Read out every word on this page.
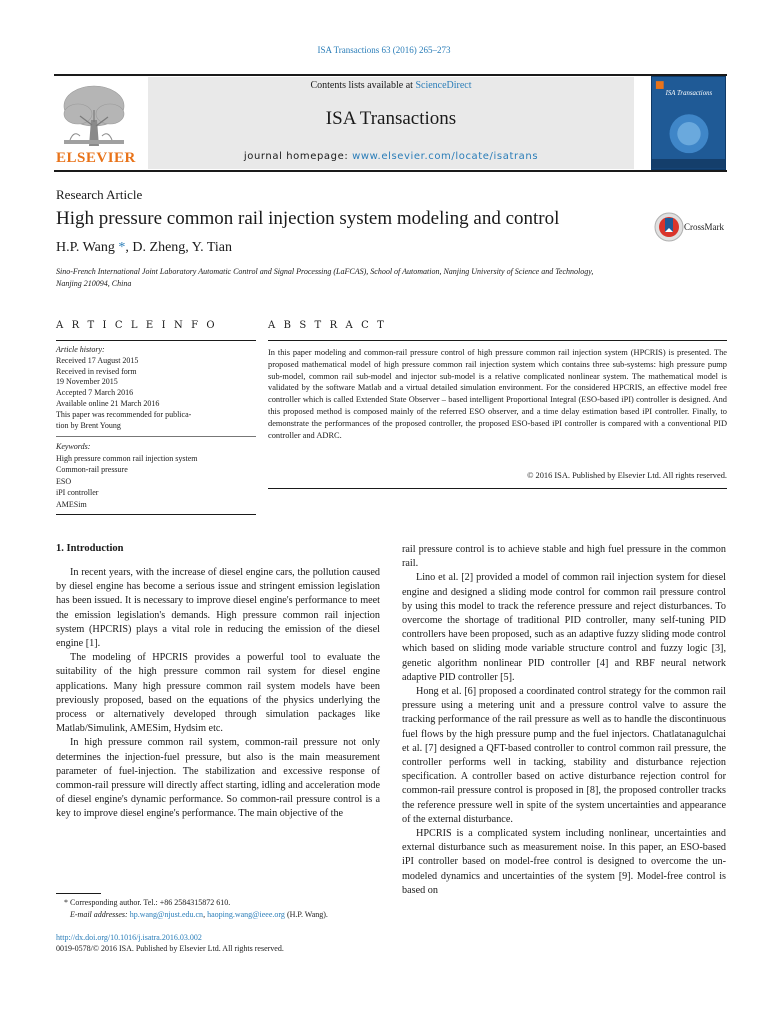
ISA Transactions 63 (2016) 265–273
Contents lists available at ScienceDirect
ISA Transactions
journal homepage: www.elsevier.com/locate/isatrans
ELSEVIER
ISA Transactions
Research Article
High pressure common rail injection system modeling and control	CrossMark
H.P. Wang *, D. Zheng, Y. Tian
Sino-French International Joint Laboratory Automatic Control and Signal Processing (LaFCAS), School of Automation, Nanjing University of Science and Technology, Nanjing 210094, China
A R T I C L E I N F O	A B S T R A C T
Article history:
Received 17 August 2015
Received in revised form
19 November 2015
Accepted 7 March 2016
Available online 21 March 2016
This paper was recommended for publica-
tion by Brent Young
Keywords:
High pressure common rail injection system
Common-rail pressure
ESO
iPI controller
AMESim
In this paper modeling and common-rail pressure control of high pressure common rail injection system (HPCRIS) is presented. The proposed mathematical model of high pressure common rail injection system which contains three sub-systems: high pressure pump sub-model, common rail sub-model and injector sub-model is a relative complicated nonlinear system. The mathematical model is validated by the software Matlab and a virtual detailed simulation environment. For the considered HPCRIS, an effective model free controller which is called Extended State Observer – based intelligent Proportional Integral (ESO-based iPI) controller is designed. And this proposed method is composed mainly of the referred ESO observer, and a time delay estimation based iPI controller. Finally, to demonstrate the performances of the proposed controller, the proposed ESO-based iPI controller is compared with a conventional PID controller and ADRC.
© 2016 ISA. Published by Elsevier Ltd. All rights reserved.
1. Introduction

In recent years, with the increase of diesel engine cars, the pollution caused by diesel engine has become a serious issue and stringent emission legislation has been issued. It is necessary to improve diesel engine's performance to meet the emission legislation's demands. High pressure common rail injection system (HPCRIS) plays a vital role in reducing the emission of the diesel engine [1].

The modeling of HPCRIS provides a powerful tool to evaluate the suitability of the high pressure common rail system for diesel engine applications. Many high pressure common rail system models have been previously proposed, based on the equations of the physics underlying the process or alternatively developed through simulation packages like Matlab/Simulink, AMESim, Hydsim etc.

In high pressure common rail system, common-rail pressure not only determines the injection-fuel pressure, but also is the main measurement parameter of fuel-injection. The stabilization and excessive response of common-rail pressure will directly affect starting, idling and acceleration mode of diesel engine's dynamic performance. So common-rail pressure control is a key to improve diesel engine's performance. The main objective of the

rail pressure control is to achieve stable and high fuel pressure in the common rail.

Lino et al. [2] provided a model of common rail injection system for diesel engine and designed a sliding mode control for common rail pressure control by using this model to track the reference pressure and reject disturbances. To overcome the shortage of traditional PID controller, many self-tuning PID controllers have been proposed, such as an adaptive fuzzy sliding mode control which based on sliding mode variable structure control and fuzzy logic [3], genetic algorithm nonlinear PID controller [4] and RBF neural network adaptive PID controller [5].

Hong et al. [6] proposed a coordinated control strategy for the common rail pressure using a metering unit and a pressure control valve to assure the tracking performance of the rail pressure as well as to handle the discontinuous fuel flows by the high pressure pump and the fuel injectors. Chatlatanagulchai et al. [7] designed a QFT-based controller to control common rail pressure, the controller performs well in tacking, stability and disturbance rejection specification. A controller based on active disturbance rejection control for common-rail pressure control is proposed in [8], the proposed controller tracks the reference pressure well in spite of the system uncertainties and appearance of the external disturbance.

HPCRIS is a complicated system including nonlinear, uncertainties and external disturbance such as measurement noise. In this paper, an ESO-based iPI controller based on model-free control is designed to overcome the un-modeled dynamics and uncertainties of the system [9]. Model-free control is based on

* Corresponding author. Tel.: +86 2584315872 610.
E-mail addresses: hp.wang@njust.edu.cn, haoping.wang@ieee.org (H.P. Wang).
http://dx.doi.org/10.1016/j.isatra.2016.03.002
0019-0578/© 2016 ISA. Published by Elsevier Ltd. All rights reserved.
